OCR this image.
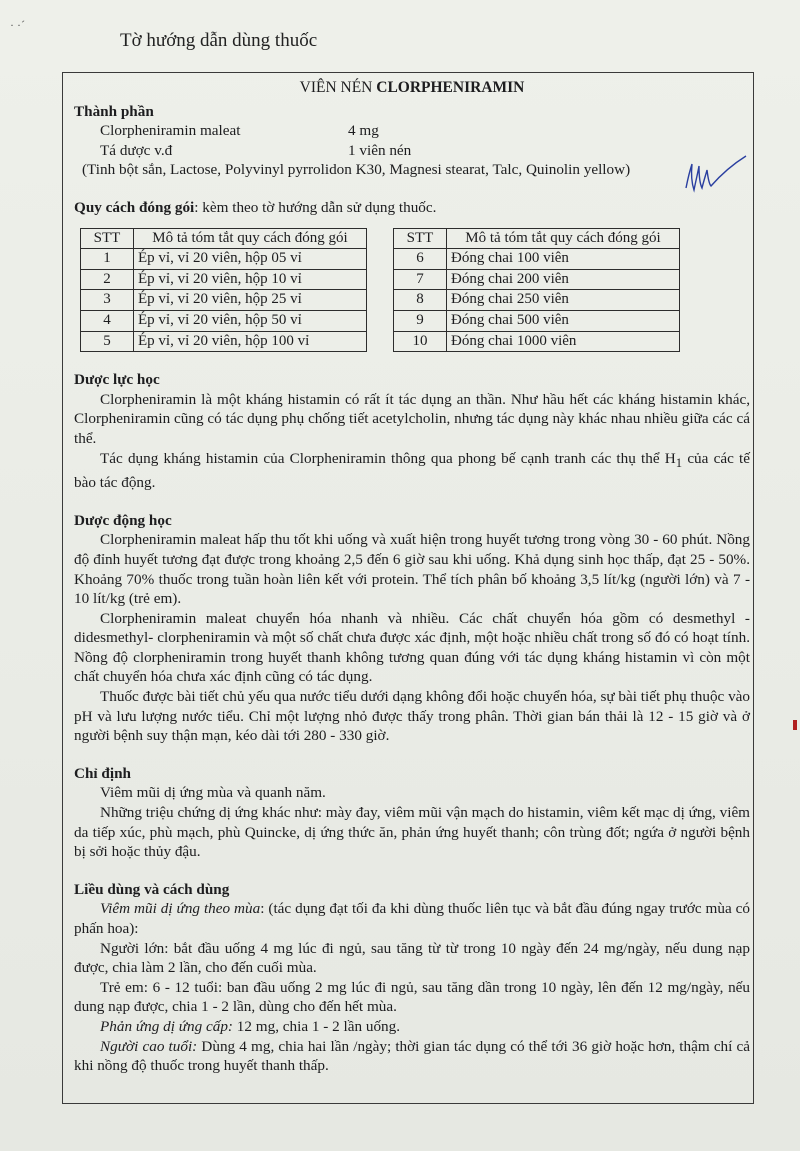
· ·´
Tờ hướng dẫn dùng thuốc
VIÊN NÉN CLORPHENIRAMIN
Thành phần
Clorpheniramin maleat	4 mg
Tá dược v.đ	1 viên nén
(Tinh bột sắn, Lactose, Polyvinyl pyrrolidon K30, Magnesi stearat, Talc, Quinolin yellow)
Quy cách đóng gói: kèm theo tờ hướng dẫn sử dụng thuốc.
STT	Mô tả tóm tắt quy cách đóng gói
1	Ép vỉ, vỉ 20 viên, hộp 05 vỉ
2	Ép vỉ, vỉ 20 viên, hộp 10 vỉ
3	Ép vỉ, vỉ 20 viên, hộp 25 vỉ
4	Ép vỉ, vỉ 20 viên, hộp 50 vỉ
5	Ép vỉ, vỉ 20 viên, hộp 100 vỉ
STT	Mô tả tóm tắt quy cách đóng gói
6	Đóng chai 100 viên
7	Đóng chai 200 viên
8	Đóng chai 250 viên
9	Đóng chai 500 viên
10	Đóng chai 1000 viên
Dược lực học
Clorpheniramin là một kháng histamin có rất ít tác dụng an thần. Như hầu hết các kháng histamin khác, Clorpheniramin cũng có tác dụng phụ chống tiết acetylcholin, nhưng tác dụng này khác nhau nhiều giữa các cá thể.
Tác dụng kháng histamin của Clorpheniramin thông qua phong bế cạnh tranh các thụ thể $H_1$ của các tế bào tác động.
Dược động học
Clorpheniramin maleat hấp thu tốt khi uống và xuất hiện trong huyết tương trong vòng 30 - 60 phút. Nồng độ đỉnh huyết tương đạt được trong khoảng 2,5 đến 6 giờ sau khi uống. Khả dụng sinh học thấp, đạt 25 - 50%. Khoảng 70% thuốc trong tuần hoàn liên kết với protein. Thể tích phân bố khoảng 3,5 lít/kg (người lớn) và 7 - 10 lít/kg (trẻ em).
Clorpheniramin maleat chuyển hóa nhanh và nhiều. Các chất chuyển hóa gồm có desmethyl - didesmethyl- clorpheniramin và một số chất chưa được xác định, một hoặc nhiều chất trong số đó có hoạt tính. Nồng độ clorpheniramin trong huyết thanh không tương quan đúng với tác dụng kháng histamin vì còn một chất chuyển hóa chưa xác định cũng có tác dụng.
Thuốc được bài tiết chủ yếu qua nước tiểu dưới dạng không đổi hoặc chuyển hóa, sự bài tiết phụ thuộc vào pH và lưu lượng nước tiểu. Chỉ một lượng nhỏ được thấy trong phân. Thời gian bán thải là 12 - 15 giờ và ở người bệnh suy thận mạn, kéo dài tới 280 - 330 giờ.
Chỉ định
Viêm mũi dị ứng mùa và quanh năm.
Những triệu chứng dị ứng khác như: mày đay, viêm mũi vận mạch do histamin, viêm kết mạc dị ứng, viêm da tiếp xúc, phù mạch, phù Quincke, dị ứng thức ăn, phản ứng huyết thanh; côn trùng đốt; ngứa ở người bệnh bị sởi hoặc thủy đậu.
Liều dùng và cách dùng
Viêm mũi dị ứng theo mùa: (tác dụng đạt tối đa khi dùng thuốc liên tục và bắt đầu đúng ngay trước mùa có phấn hoa):
Người lớn: bắt đầu uống 4 mg lúc đi ngủ, sau tăng từ từ trong 10 ngày đến 24 mg/ngày, nếu dung nạp được, chia làm 2 lần, cho đến cuối mùa.
Trẻ em: 6 - 12 tuổi: ban đầu uống 2 mg lúc đi ngủ, sau tăng dần trong 10 ngày, lên đến 12 mg/ngày, nếu dung nạp được, chia 1 - 2 lần, dùng cho đến hết mùa.
Phản ứng dị ứng cấp: 12 mg, chia 1 - 2 lần uống.
Người cao tuổi: Dùng 4 mg, chia hai lần /ngày; thời gian tác dụng có thể tới 36 giờ hoặc hơn, thậm chí cả khi nồng độ thuốc trong huyết thanh thấp.
